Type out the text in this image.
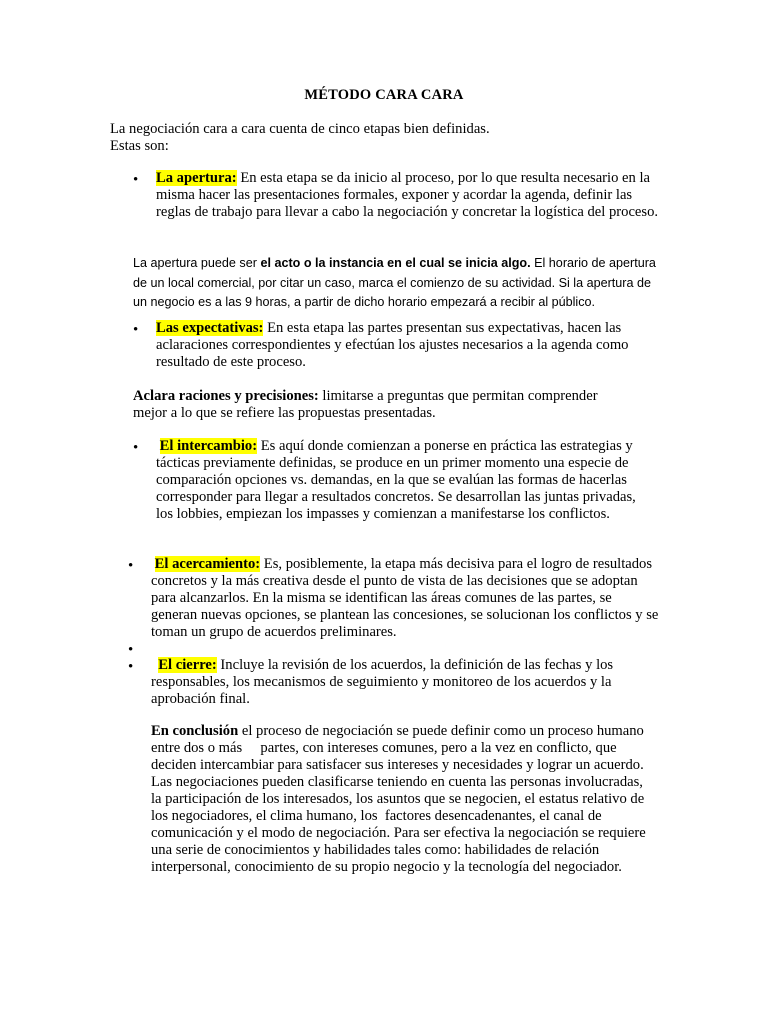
MÉTODO CARA CARA
La negociación cara a cara cuenta de cinco etapas bien definidas.
Estas son:
• La apertura: En esta etapa se da inicio al proceso, por lo que resulta necesario en la misma hacer las presentaciones formales, exponer y acordar la agenda, definir las reglas de trabajo para llevar a cabo la negociación y concretar la logística del proceso.
La apertura puede ser el acto o la instancia en el cual se inicia algo. El horario de apertura de un local comercial, por citar un caso, marca el comienzo de su actividad. Si la apertura de un negocio es a las 9 horas, a partir de dicho horario empezará a recibir al público.
• Las expectativas: En esta etapa las partes presentan sus expectativas, hacen las aclaraciones correspondientes y efectúan los ajustes necesarios a la agenda como resultado de este proceso.
Aclara raciones y precisiones: limitarse a preguntas que permitan comprender mejor a lo que se refiere las propuestas presentadas.
• El intercambio: Es aquí donde comienzan a ponerse en práctica las estrategias y tácticas previamente definidas, se produce en un primer momento una especie de comparación opciones vs. demandas, en la que se evalúan las formas de hacerlas corresponder para llegar a resultados concretos. Se desarrollan las juntas privadas, los lobbies, empiezan los impasses y comienzan a manifestarse los conflictos.
• El acercamiento: Es, posiblemente, la etapa más decisiva para el logro de resultados concretos y la más creativa desde el punto de vista de las decisiones que se adoptan para alcanzarlos. En la misma se identifican las áreas comunes de las partes, se generan nuevas opciones, se plantean las concesiones, se solucionan los conflictos y se toman un grupo de acuerdos preliminares.
•
•	El cierre: Incluye la revisión de los acuerdos, la definición de las fechas y los responsables, los mecanismos de seguimiento y monitoreo de los acuerdos y la aprobación final.
En conclusión el proceso de negociación se puede definir como un proceso humano entre dos o más     partes, con intereses comunes, pero a la vez en conflicto, que deciden intercambiar para satisfacer sus intereses y necesidades y lograr un acuerdo. Las negociaciones pueden clasificarse teniendo en cuenta las personas involucradas, la participación de los interesados, los asuntos que se negocien, el estatus relativo de los negociadores, el clima humano, los  factores desencadenantes, el canal de comunicación y el modo de negociación. Para ser efectiva la negociación se requiere una serie de conocimientos y habilidades tales como: habilidades de relación  interpersonal, conocimiento de su propio negocio y la tecnología del negociador.
